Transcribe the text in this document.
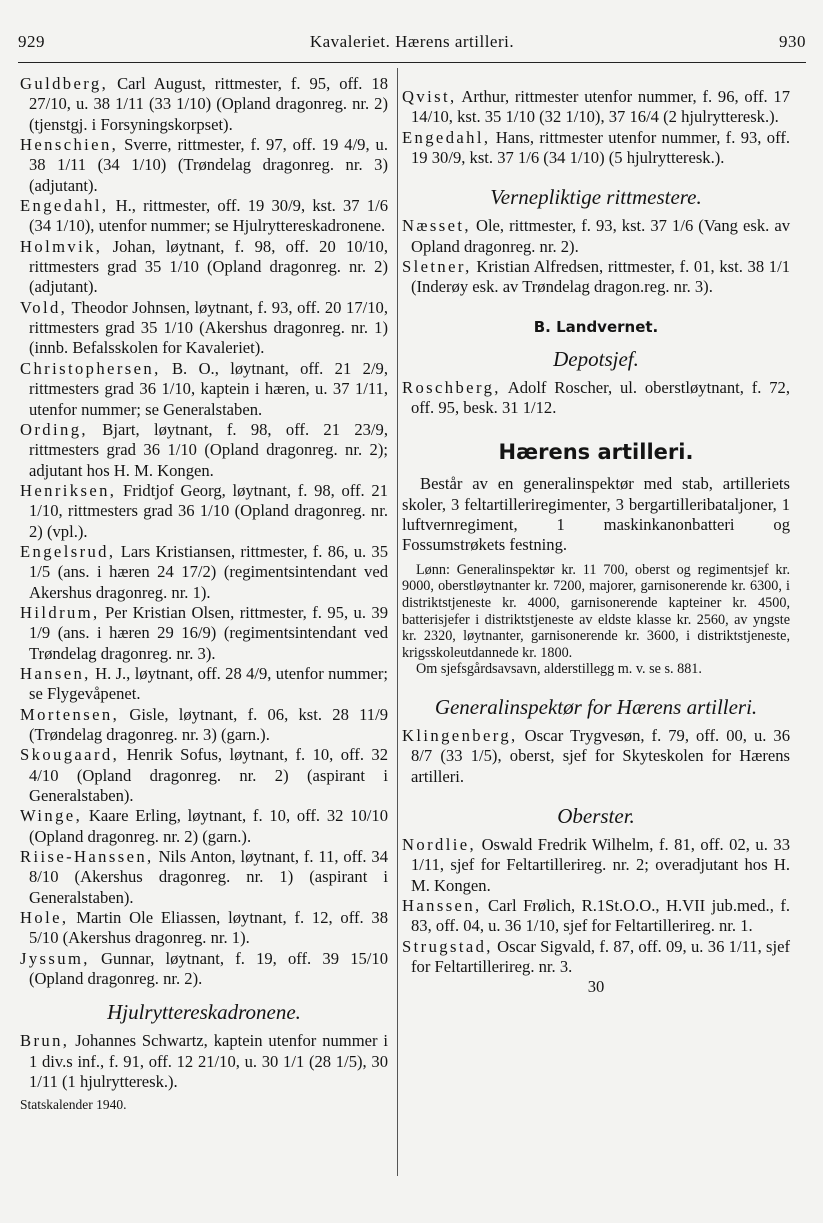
929	Kavaleriet. Hærens artilleri.	930

Guldberg, Carl August, rittmester, f. 95, off. 18 27/10, u. 38 1/11 (33 1/10) (Opland dragonreg. nr. 2) (tjenstgj. i Forsyningskorpset).

Henschien, Sverre, rittmester, f. 97, off. 19 4/9, u. 38 1/11 (34 1/10) (Trøndelag dragonreg. nr. 3) (adjutant).

Engedahl, H., rittmester, off. 19 30/9, kst. 37 1/6 (34 1/10), utenfor nummer; se Hjulryttereskadronene.

Holmvik, Johan, løytnant, f. 98, off. 20 10/10, rittmesters grad 35 1/10 (Opland dragonreg. nr. 2) (adjutant).

Vold, Theodor Johnsen, løytnant, f. 93, off. 20 17/10, rittmesters grad 35 1/10 (Akershus dragonreg. nr. 1) (innb. Befalsskolen for Kavaleriet).

Christophersen, B. O., løytnant, off. 21 2/9, rittmesters grad 36 1/10, kaptein i hæren, u. 37 1/11, utenfor nummer; se Generalstaben.

Ording, Bjart, løytnant, f. 98, off. 21 23/9, rittmesters grad 36 1/10 (Opland dragonreg. nr. 2); adjutant hos H. M. Kongen.

Henriksen, Fridtjof Georg, løytnant, f. 98, off. 21 1/10, rittmesters grad 36 1/10 (Opland dragonreg. nr. 2) (vpl.).

Engelsrud, Lars Kristiansen, rittmester, f. 86, u. 35 1/5 (ans. i hæren 24 17/2) (regimentsintendant ved Akershus dragonreg. nr. 1).

Hildrum, Per Kristian Olsen, rittmester, f. 95, u. 39 1/9 (ans. i hæren 29 16/9) (regimentsintendant ved Trøndelag dragonreg. nr. 3).

Hansen, H. J., løytnant, off. 28 4/9, utenfor nummer; se Flygevåpenet.

Mortensen, Gisle, løytnant, f. 06, kst. 28 11/9 (Trøndelag dragonreg. nr. 3) (garn.).

Skougaard, Henrik Sofus, løytnant, f. 10, off. 32 4/10 (Opland dragonreg. nr. 2) (aspirant i Generalstaben).

Winge, Kaare Erling, løytnant, f. 10, off. 32 10/10 (Opland dragonreg. nr. 2) (garn.).

Riise-Hanssen, Nils Anton, løytnant, f. 11, off. 34 8/10 (Akershus dragonreg. nr. 1) (aspirant i Generalstaben).

Hole, Martin Ole Eliassen, løytnant, f. 12, off. 38 5/10 (Akershus dragonreg. nr. 1).

Jyssum, Gunnar, løytnant, f. 19, off. 39 15/10 (Opland dragonreg. nr. 2).

Hjulryttereskadronene.

Brun, Johannes Schwartz, kaptein utenfor nummer i 1 div.s inf., f. 91, off. 12 21/10, u. 30 1/1 (28 1/5), 30 1/11 (1 hjulrytteresk.).

Statskalender 1940.

Qvist, Arthur, rittmester utenfor nummer, f. 96, off. 17 14/10, kst. 35 1/10 (32 1/10), 37 16/4 (2 hjulrytteresk.).

Engedahl, Hans, rittmester utenfor nummer, f. 93, off. 19 30/9, kst. 37 1/6 (34 1/10) (5 hjulrytteresk.).

Vernepliktige rittmestere.

Næsset, Ole, rittmester, f. 93, kst. 37 1/6 (Vang esk. av Opland dragonreg. nr. 2).

Sletner, Kristian Alfredsen, rittmester, f. 01, kst. 38 1/1 (Inderøy esk. av Trøndelag dragon.reg. nr. 3).

B. Landvernet.

Depotsjef.

Roschberg, Adolf Roscher, ul. oberstløytnant, f. 72, off. 95, besk. 31 1/12.

Hærens artilleri.

Består av en generalinspektør med stab, artilleriets skoler, 3 feltartilleriregimenter, 3 bergartilleribataljoner, 1 luftvernregiment, 1 maskinkanonbatteri og Fossumstrøkets festning.

Lønn: Generalinspektør kr. 11 700, oberst og regimentsjef kr. 9000, oberstløytnanter kr. 7200, majorer, garnisonerende kr. 6300, i distriktstjeneste kr. 4000, garnisonerende kapteiner kr. 4500, batterisjefer i distriktstjeneste av eldste klasse kr. 2560, av yngste kr. 2320, løytnanter, garnisonerende kr. 3600, i distriktstjeneste, krigsskoleutdannede kr. 1800.

Om sjefsgårdsavsavn, alderstillegg m. v. se s. 881.

Generalinspektør for Hærens artilleri.

Klingenberg, Oscar Trygvesøn, f. 79, off. 00, u. 36 8/7 (33 1/5), oberst, sjef for Skyteskolen for Hærens artilleri.

Oberster.

Nordlie, Oswald Fredrik Wilhelm, f. 81, off. 02, u. 33 1/11, sjef for Feltartillerireg. nr. 2; overadjutant hos H. M. Kongen.

Hanssen, Carl Frølich, R.1St.O.O., H.VII jub.med., f. 83, off. 04, u. 36 1/10, sjef for Feltartillerireg. nr. 1.

Strugstad, Oscar Sigvald, f. 87, off. 09, u. 36 1/11, sjef for Feltartillerireg. nr. 3.

30
